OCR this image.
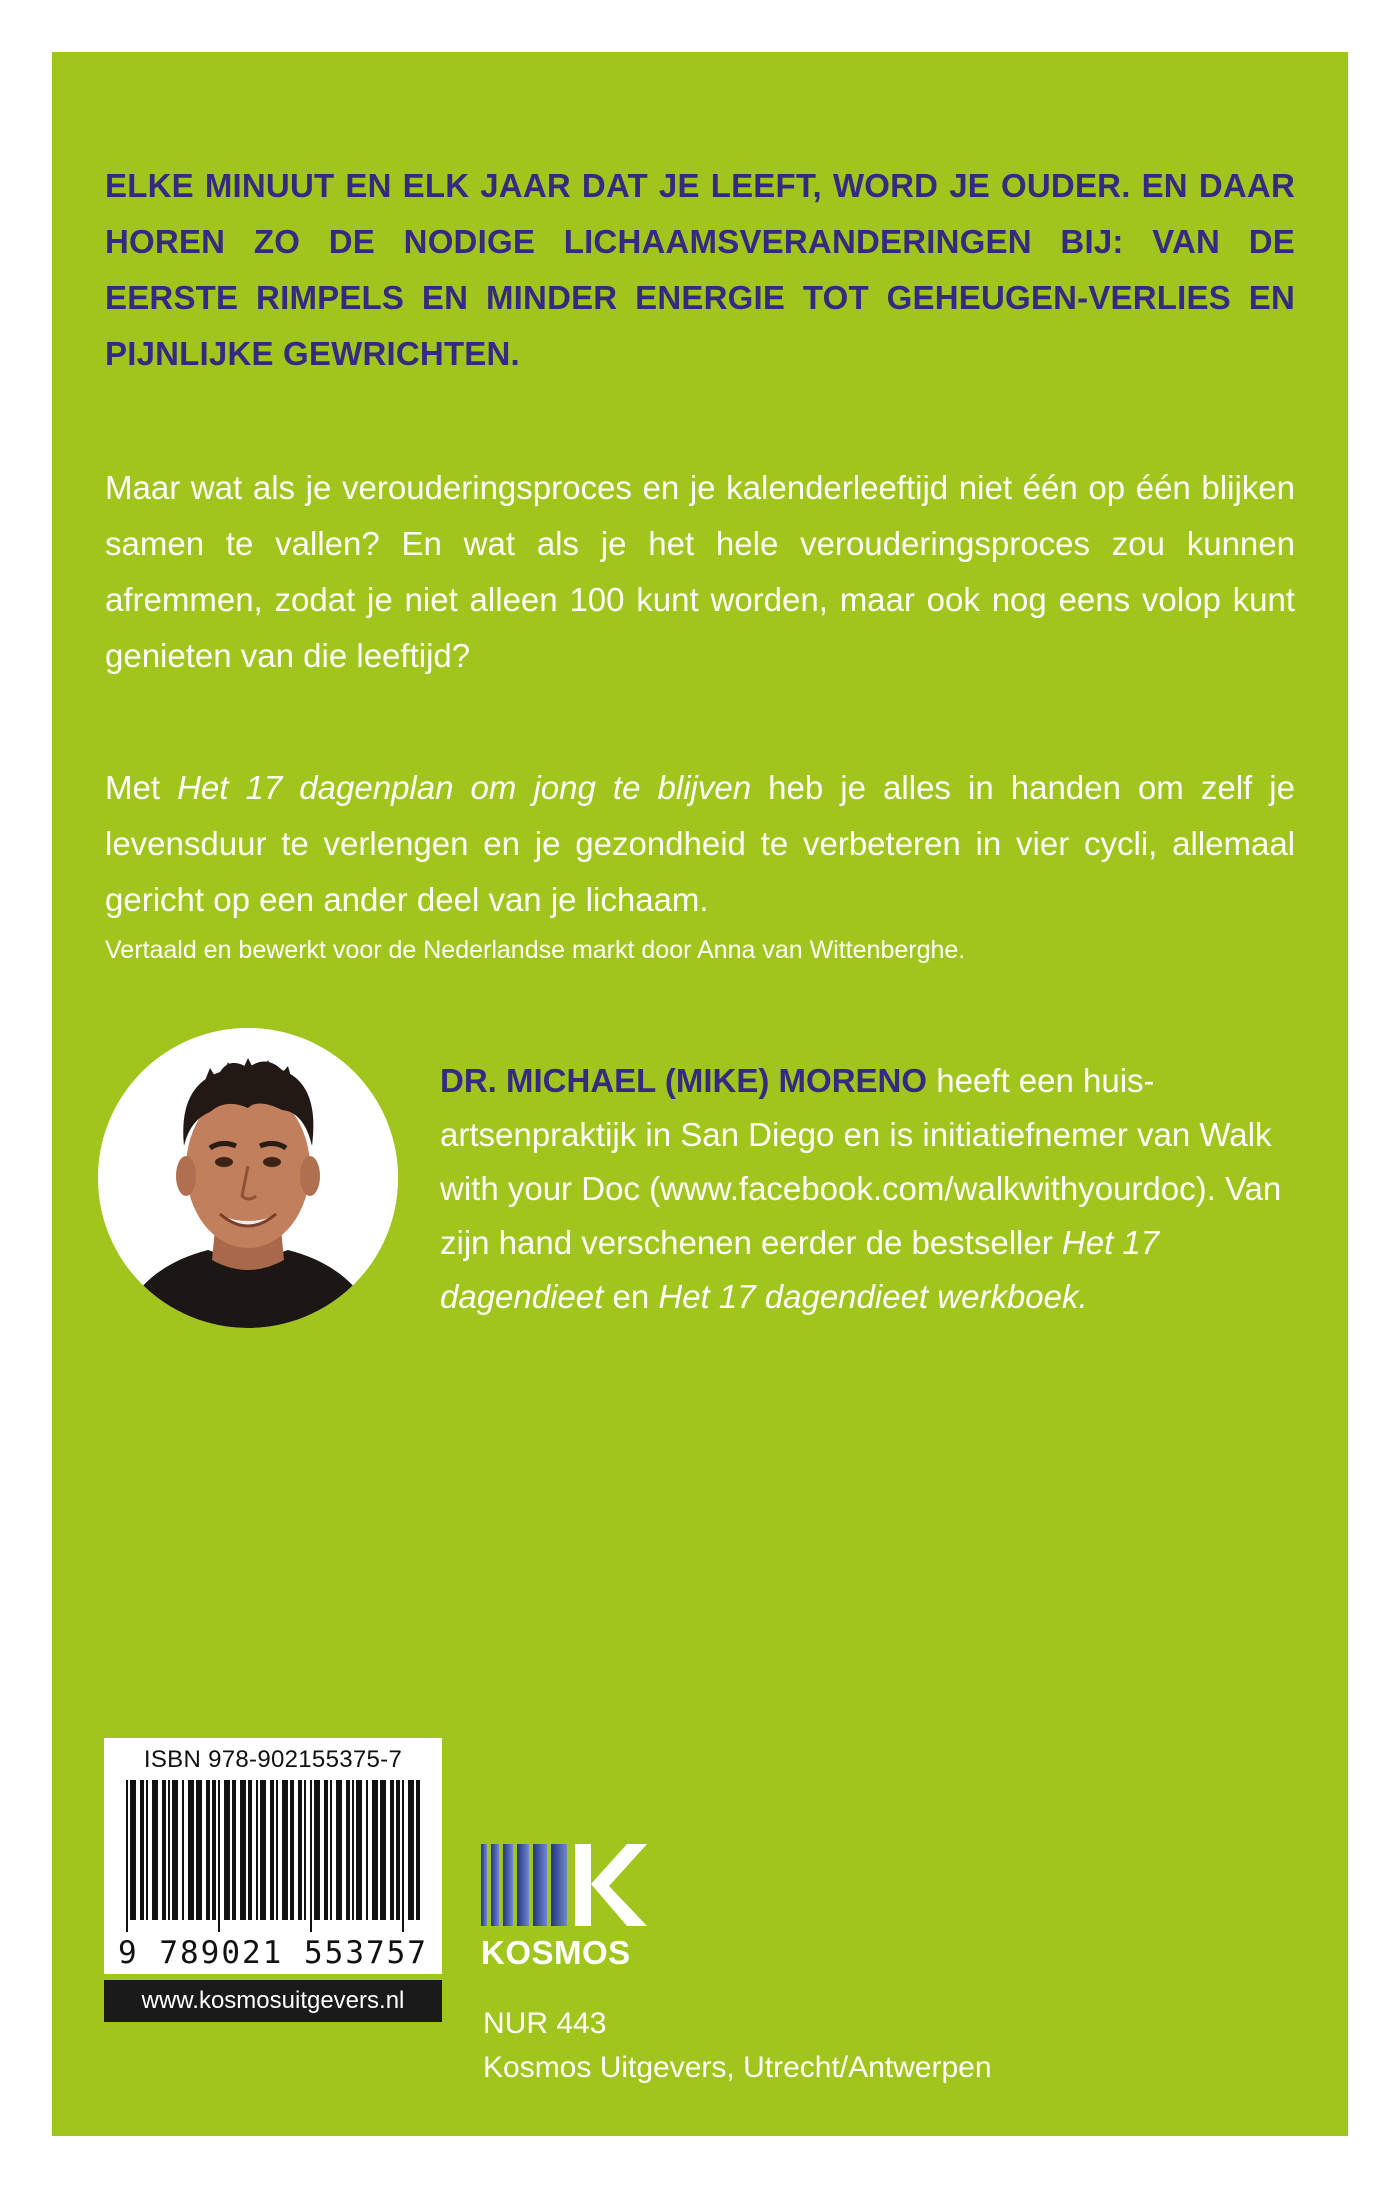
ELKE MINUUT EN ELK JAAR DAT JE LEEFT, WORD JE OUDER. EN DAAR HOREN ZO DE NODIGE LICHAAMSVERANDERINGEN BIJ: VAN DE EERSTE RIMPELS EN MINDER ENERGIE TOT GEHEUGEN-VERLIES EN PIJNLIJKE GEWRICHTEN.
Maar wat als je verouderingsproces en je kalenderleeftijd niet één op één blijken samen te vallen? En wat als je het hele verouderingsproces zou kunnen afremmen, zodat je niet alleen 100 kunt worden, maar ook nog eens volop kunt genieten van die leeftijd?
Met Het 17 dagenplan om jong te blijven heb je alles in handen om zelf je levensduur te verlengen en je gezondheid te verbeteren in vier cycli, allemaal gericht op een ander deel van je lichaam.
Vertaald en bewerkt voor de Nederlandse markt door Anna van Wittenberghe.
DR. MICHAEL (MIKE) MORENO heeft een huis-artsenpraktijk in San Diego en is initiatiefnemer van Walk with your Doc (www.facebook.com/walkwithyourdoc). Van zijn hand verschenen eerder de bestseller Het 17 dagendieet en Het 17 dagendieet werkboek.
ISBN 978-902155375-7
9 789021 553757
www.kosmosuitgevers.nl
KOSMOS
NUR 443
Kosmos Uitgevers, Utrecht/Antwerpen
